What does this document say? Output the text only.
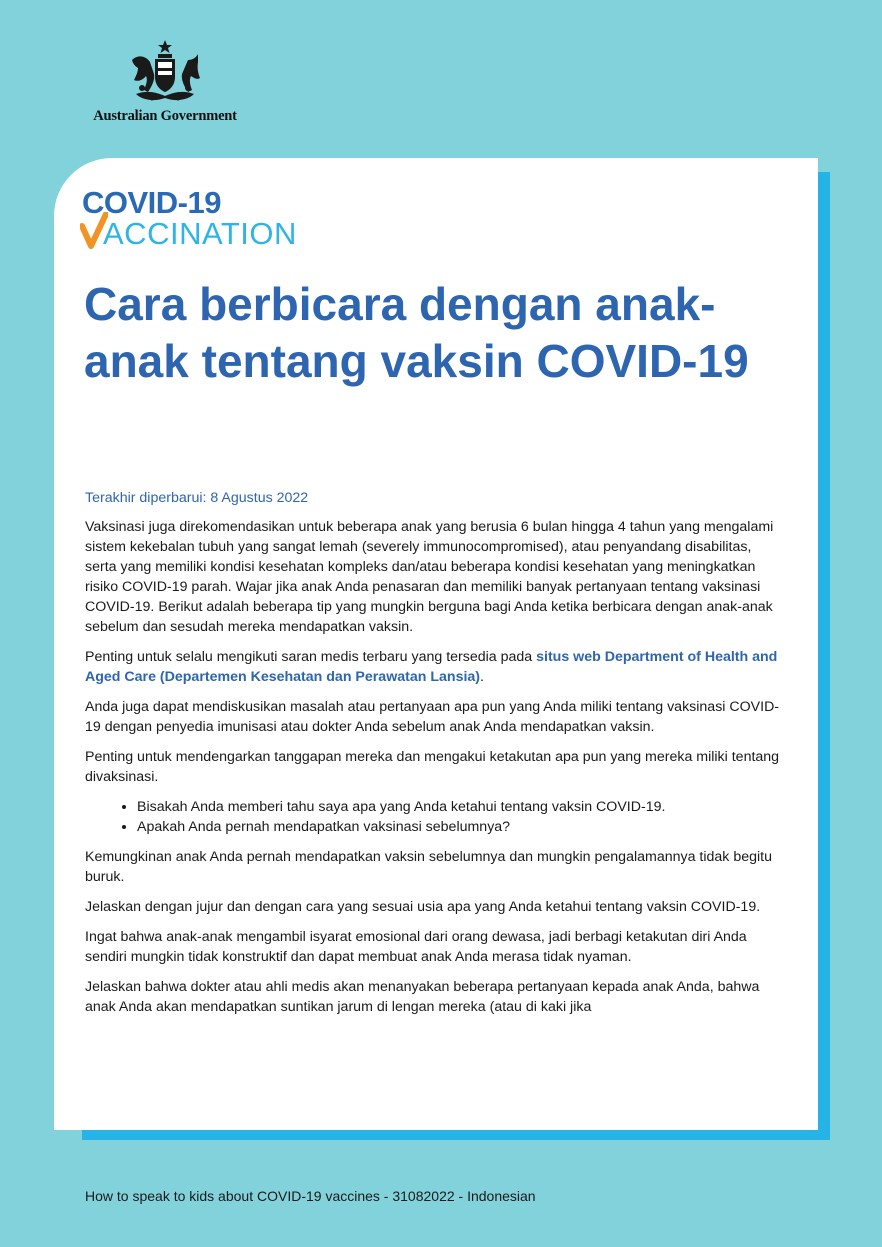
Australian Government
COVID-19
ACCINATION
Cara berbicara dengan anak-anak tentang vaksin COVID-19

Terakhir diperbarui: 8 Agustus 2022

Vaksinasi juga direkomendasikan untuk beberapa anak yang berusia 6 bulan hingga 4 tahun yang mengalami sistem kekebalan tubuh yang sangat lemah (severely immunocompromised), atau penyandang disabilitas, serta yang memiliki kondisi kesehatan kompleks dan/atau beberapa kondisi kesehatan yang meningkatkan risiko COVID-19 parah. Wajar jika anak Anda penasaran dan memiliki banyak pertanyaan tentang vaksinasi COVID-19. Berikut adalah beberapa tip yang mungkin berguna bagi Anda ketika berbicara dengan anak-anak sebelum dan sesudah mereka mendapatkan vaksin.

Penting untuk selalu mengikuti saran medis terbaru yang tersedia pada situs web Department of Health and Aged Care (Departemen Kesehatan dan Perawatan Lansia).

Anda juga dapat mendiskusikan masalah atau pertanyaan apa pun yang Anda miliki tentang vaksinasi COVID-19 dengan penyedia imunisasi atau dokter Anda sebelum anak Anda mendapatkan vaksin.

Penting untuk mendengarkan tanggapan mereka dan mengakui ketakutan apa pun yang mereka miliki tentang divaksinasi.

• Bisakah Anda memberi tahu saya apa yang Anda ketahui tentang vaksin COVID-19.
• Apakah Anda pernah mendapatkan vaksinasi sebelumnya?

Kemungkinan anak Anda pernah mendapatkan vaksin sebelumnya dan mungkin pengalamannya tidak begitu buruk.

Jelaskan dengan jujur dan dengan cara yang sesuai usia apa yang Anda ketahui tentang vaksin COVID-19.

Ingat bahwa anak-anak mengambil isyarat emosional dari orang dewasa, jadi berbagi ketakutan diri Anda sendiri mungkin tidak konstruktif dan dapat membuat anak Anda merasa tidak nyaman.

Jelaskan bahwa dokter atau ahli medis akan menanyakan beberapa pertanyaan kepada anak Anda, bahwa anak Anda akan mendapatkan suntikan jarum di lengan mereka (atau di kaki jika

How to speak to kids about COVID-19 vaccines - 31082022 - Indonesian
